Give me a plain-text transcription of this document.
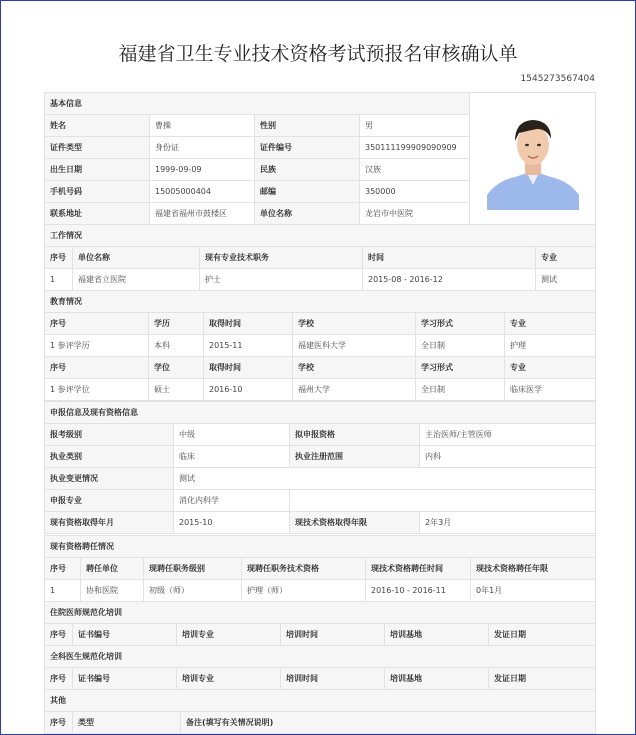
福建省卫生专业技术资格考试预报名审核确认单
1545273567404
基本信息	

姓名	曹操	性别	男	
证件类型	身份证	证件编号	350111199909090909	
出生日期	1999-09-09	民族	汉族	
手机号码	15005000404	邮编	350000	
联系地址	福建省福州市鼓楼区	单位名称	龙岩市中医院	
工作情况				
序号	单位名称	现有专业技术职务	时间	专业
1	福建省立医院	护士	2015-08 - 2016-12	测试
教育情况					
序号	学历	取得时间	学校	学习形式	专业
1 参评学历	本科	2015-11	福建医科大学	全日制	护理
序号	学位	取得时间	学校	学习形式	专业
1 参评学位	硕士	2016-10	福州大学	全日制	临床医学
申报信息及现有资格信息			
报考级别	中级	拟申报资格	主治医师/主管医师
执业类别	临床	执业注册范围	内科
执业变更情况	测试		
申报专业	消化内科学		
现有资格取得年月	2015-10	现技术资格取得年限	2年3月
现有资格聘任情况					
序号	聘任单位	现聘任职务级别	现聘任职务技术资格	现技术资格聘任时间	现技术资格聘任年限
1	协和医院	初级（师）	护理（师）	2016-10 - 2016-11	0年1月
住院医师规范化培训
序号	证书编号	培训专业	培训时间	培训基地	发证日期
全科医生规范化培训
序号	证书编号	培训专业	培训时间	培训基地	发证日期
其他
序号	类型	备注(填写有关情况说明)
